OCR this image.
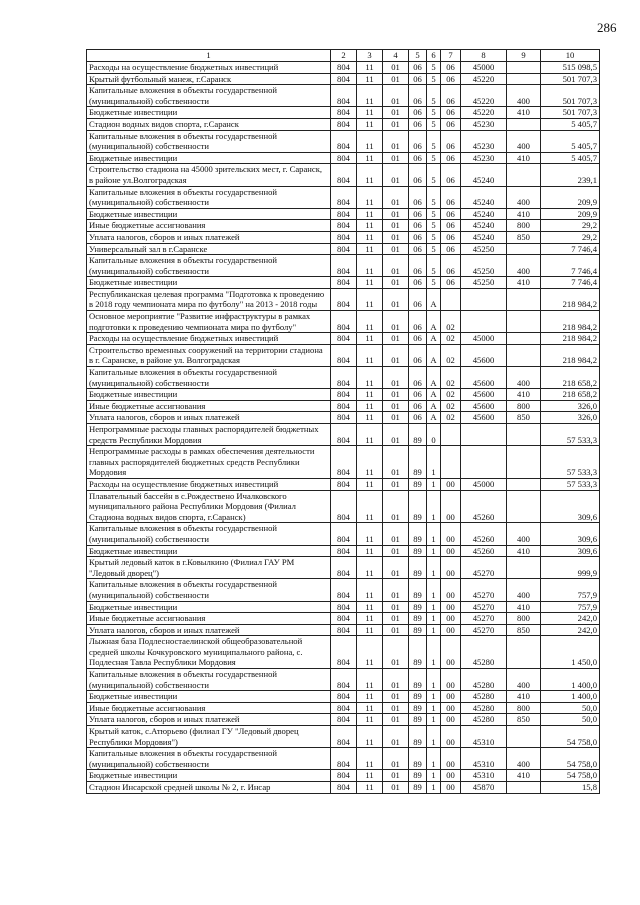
286
1	2	3	4	5	6	7	8	9	10
Расходы на осуществление бюджетных инвестиций	804	11	01	06	5	06	45000		515 098,5
Крытый футбольный манеж, г.Саранск	804	11	01	06	5	06	45220		501 707,3
Капитальные вложения в объекты государственной (муниципальной) собственности	804	11	01	06	5	06	45220	400	501 707,3
Бюджетные инвестиции	804	11	01	06	5	06	45220	410	501 707,3
Стадион водных видов спорта, г.Саранск	804	11	01	06	5	06	45230		5 405,7
Капитальные вложения в объекты государственной (муниципальной) собственности	804	11	01	06	5	06	45230	400	5 405,7
Бюджетные инвестиции	804	11	01	06	5	06	45230	410	5 405,7
Строительство стадиона на 45000 зрительских мест, г. Саранск, в районе ул.Волгоградская	804	11	01	06	5	06	45240		239,1
Капитальные вложения в объекты государственной (муниципальной) собственности	804	11	01	06	5	06	45240	400	209,9
Бюджетные инвестиции	804	11	01	06	5	06	45240	410	209,9
Иные бюджетные ассигнования	804	11	01	06	5	06	45240	800	29,2
Уплата налогов, сборов и иных платежей	804	11	01	06	5	06	45240	850	29,2
Универсальный зал в г.Саранске	804	11	01	06	5	06	45250		7 746,4
Капитальные вложения в объекты государственной (муниципальной) собственности	804	11	01	06	5	06	45250	400	7 746,4
Бюджетные инвестиции	804	11	01	06	5	06	45250	410	7 746,4
Республиканская целевая программа "Подготовка к проведению в 2018 году чемпионата мира по футболу" на 2013 - 2018 годы	804	11	01	06	А				218 984,2
Основное мероприятие "Развитие инфраструктуры в рамках подготовки к проведению чемпионата мира по футболу"	804	11	01	06	А	02			218 984,2
Расходы на осуществление бюджетных инвестиций	804	11	01	06	А	02	45000		218 984,2
Строительство временных сооружений на территории стадиона в г. Саранске, в районе ул. Волгоградская	804	11	01	06	А	02	45600		218 984,2
Капитальные вложения в объекты государственной (муниципальной) собственности	804	11	01	06	А	02	45600	400	218 658,2
Бюджетные инвестиции	804	11	01	06	А	02	45600	410	218 658,2
Иные бюджетные ассигнования	804	11	01	06	А	02	45600	800	326,0
Уплата налогов, сборов и иных платежей	804	11	01	06	А	02	45600	850	326,0
Непрограммные расходы главных распорядителей бюджетных средств Республики Мордовия	804	11	01	89	0				57 533,3
Непрограммные расходы в рамках обеспечения деятельности главных распорядителей бюджетных средств Республики Мордовия	804	11	01	89	1				57 533,3
Расходы на осуществление бюджетных инвестиций	804	11	01	89	1	00	45000		57 533,3
Плавательный бассейн в с.Рождествено Ичалковского муниципального района Республики Мордовия (Филиал Стадиона водных видов спорта, г.Саранск)	804	11	01	89	1	00	45260		309,6
Капитальные вложения в объекты государственной (муниципальной) собственности	804	11	01	89	1	00	45260	400	309,6
Бюджетные инвестиции	804	11	01	89	1	00	45260	410	309,6
Крытый ледовый каток в г.Ковылкино (Филиал ГАУ РМ "Ледовый дворец")	804	11	01	89	1	00	45270		999,9
Капитальные вложения в объекты государственной (муниципальной) собственности	804	11	01	89	1	00	45270	400	757,9
Бюджетные инвестиции	804	11	01	89	1	00	45270	410	757,9
Иные бюджетные ассигнования	804	11	01	89	1	00	45270	800	242,0
Уплата налогов, сборов и иных платежей	804	11	01	89	1	00	45270	850	242,0
Лыжная база Подлесностаелинской общеобразовательной средней школы Кочкуровского муниципального района, с. Подлесная Тавла Республики Мордовия	804	11	01	89	1	00	45280		1 450,0
Капитальные вложения в объекты государственной (муниципальной) собственности	804	11	01	89	1	00	45280	400	1 400,0
Бюджетные инвестиции	804	11	01	89	1	00	45280	410	1 400,0
Иные бюджетные ассигнования	804	11	01	89	1	00	45280	800	50,0
Уплата налогов, сборов и иных платежей	804	11	01	89	1	00	45280	850	50,0
Крытый каток, с.Атюрьево (филиал ГУ "Ледовый дворец Республики Мордовия")	804	11	01	89	1	00	45310		54 758,0
Капитальные вложения в объекты государственной (муниципальной) собственности	804	11	01	89	1	00	45310	400	54 758,0
Бюджетные инвестиции	804	11	01	89	1	00	45310	410	54 758,0
Стадион Инсарской средней школы № 2, г. Инсар	804	11	01	89	1	00	45870		15,8
